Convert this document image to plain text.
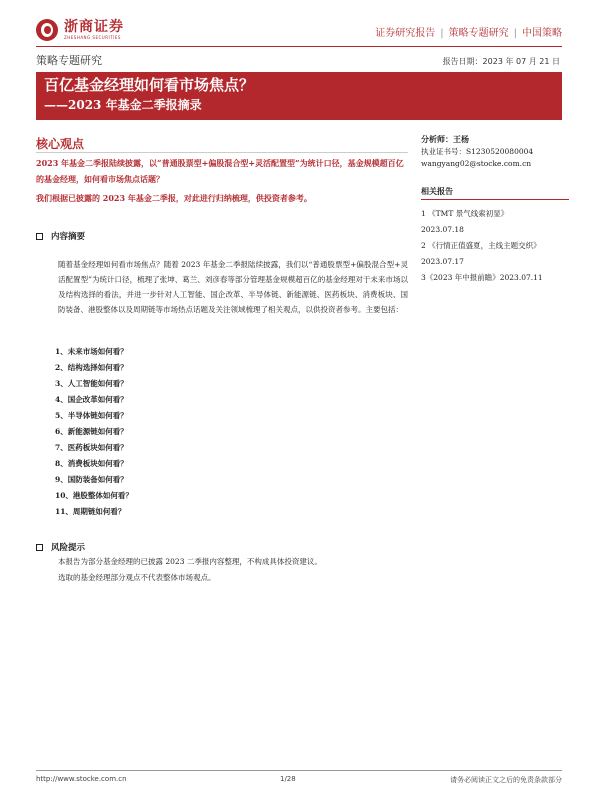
浙商证券
ZHESHANG SECURITIES	证券研究报告 | 策略专题研究 | 中国策略
策略专题研究	报告日期：2023 年 07 月 21 日
百亿基金经理如何看市场焦点？
——2023 年基金二季报摘录
核心观点
2023 年基金二季报陆续披露，以“普通股票型+偏股混合型+灵活配置型”为统计口径，基金规模超百亿的基金经理，如何看市场焦点话题？
我们根据已披露的 2023 年基金二季报，对此进行归纳梳理，供投资者参考。
分析师：王杨
执业证书号：S1230520080004
wangyang02@stocke.com.cn
相关报告
1 《TMT 景气线索初显》
2023.07.18
2 《行情正值盛夏，主线主题交织》 2023.07.17
3《2023 年中报前瞻》2023.07.11
内容摘要
随着基金经理如何看市场焦点？随着 2023 年基金二季报陆续披露，我们以“普通股票型+偏股混合型+灵活配置型”为统计口径，梳理了张坤、葛兰、刘彦春等部分管理基金规模超百亿的基金经理对于未来市场以及结构选择的看法，并进一步针对人工智能、国企改革、半导体链、新能源链、医药板块、消费板块、国防装备、港股整体以及周期链等市场热点话题及关注领域梳理了相关观点，以供投资者参考。主要包括：
1、未来市场如何看？
2、结构选择如何看？
3、人工智能如何看？
4、国企改革如何看？
5、半导体链如何看？
6、新能源链如何看？
7、医药板块如何看？
8、消费板块如何看？
9、国防装备如何看？
10、港股整体如何看？
11、周期链如何看？
风险提示
本报告为部分基金经理的已披露 2023 二季报内容整理，不构成具体投资建议。
选取的基金经理部分观点不代表整体市场观点。
http://www.stocke.com.cn	1/28	请务必阅读正文之后的免责条款部分
